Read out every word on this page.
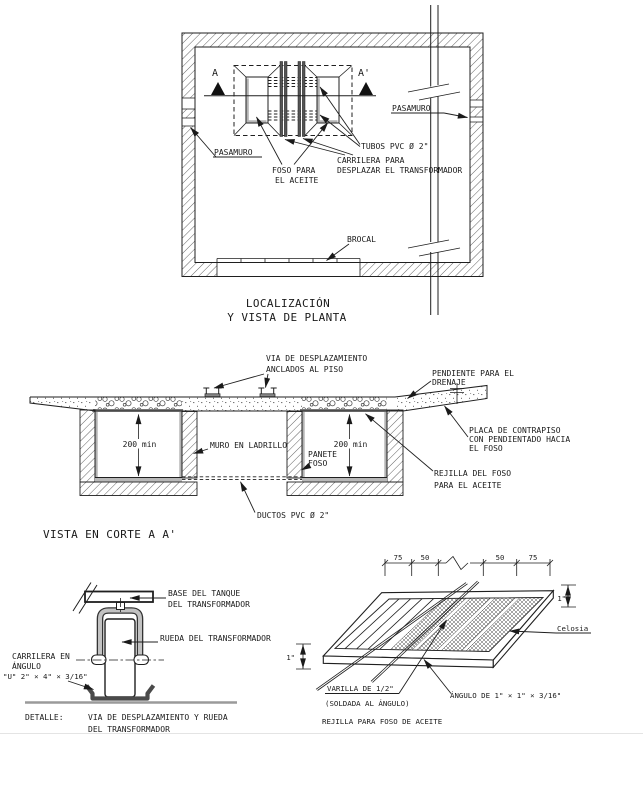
A	A'
PASAMURO
PASAMURO
TUBOS PVC Ø 2"
FOSO PARA
EL ACEITE
CARRILERA PARA
DESPLAZAR EL TRANSFORMADOR
BROCAL
LOCALIZACIÓN
Y VISTA DE PLANTA
200 min	200 min
VIA DE DESPLAZAMIENTO
ANCLADOS AL PISO	PENDIENTE PARA EL
DRENAJE
PLACA DE CONTRAPISO
CON PENDIENTADO HACIA
EL FOSO
MURO EN LADRILLO
PANETE
FOSO
REJILLA DEL FOSO
PARA EL ACEITE
DUCTOS PVC Ø 2"
VISTA EN CORTE A A'
BASE DEL TANQUE
DEL TRANSFORMADOR
RUEDA DEL TRANSFORMADOR
CARRILERA EN
ÁNGULO
"U" 2" × 4" × 3/16"
DETALLE:	VIA DE DESPLAZAMIENTO Y RUEDA
DEL TRANSFORMADOR
75	50	50	75
1"
1"
Celosia
VARILLA DE 1/2"
(SOLDADA AL ÁNGULO)
ÁNGULO DE 1" × 1" × 3/16"
REJILLA PARA FOSO DE ACEITE
